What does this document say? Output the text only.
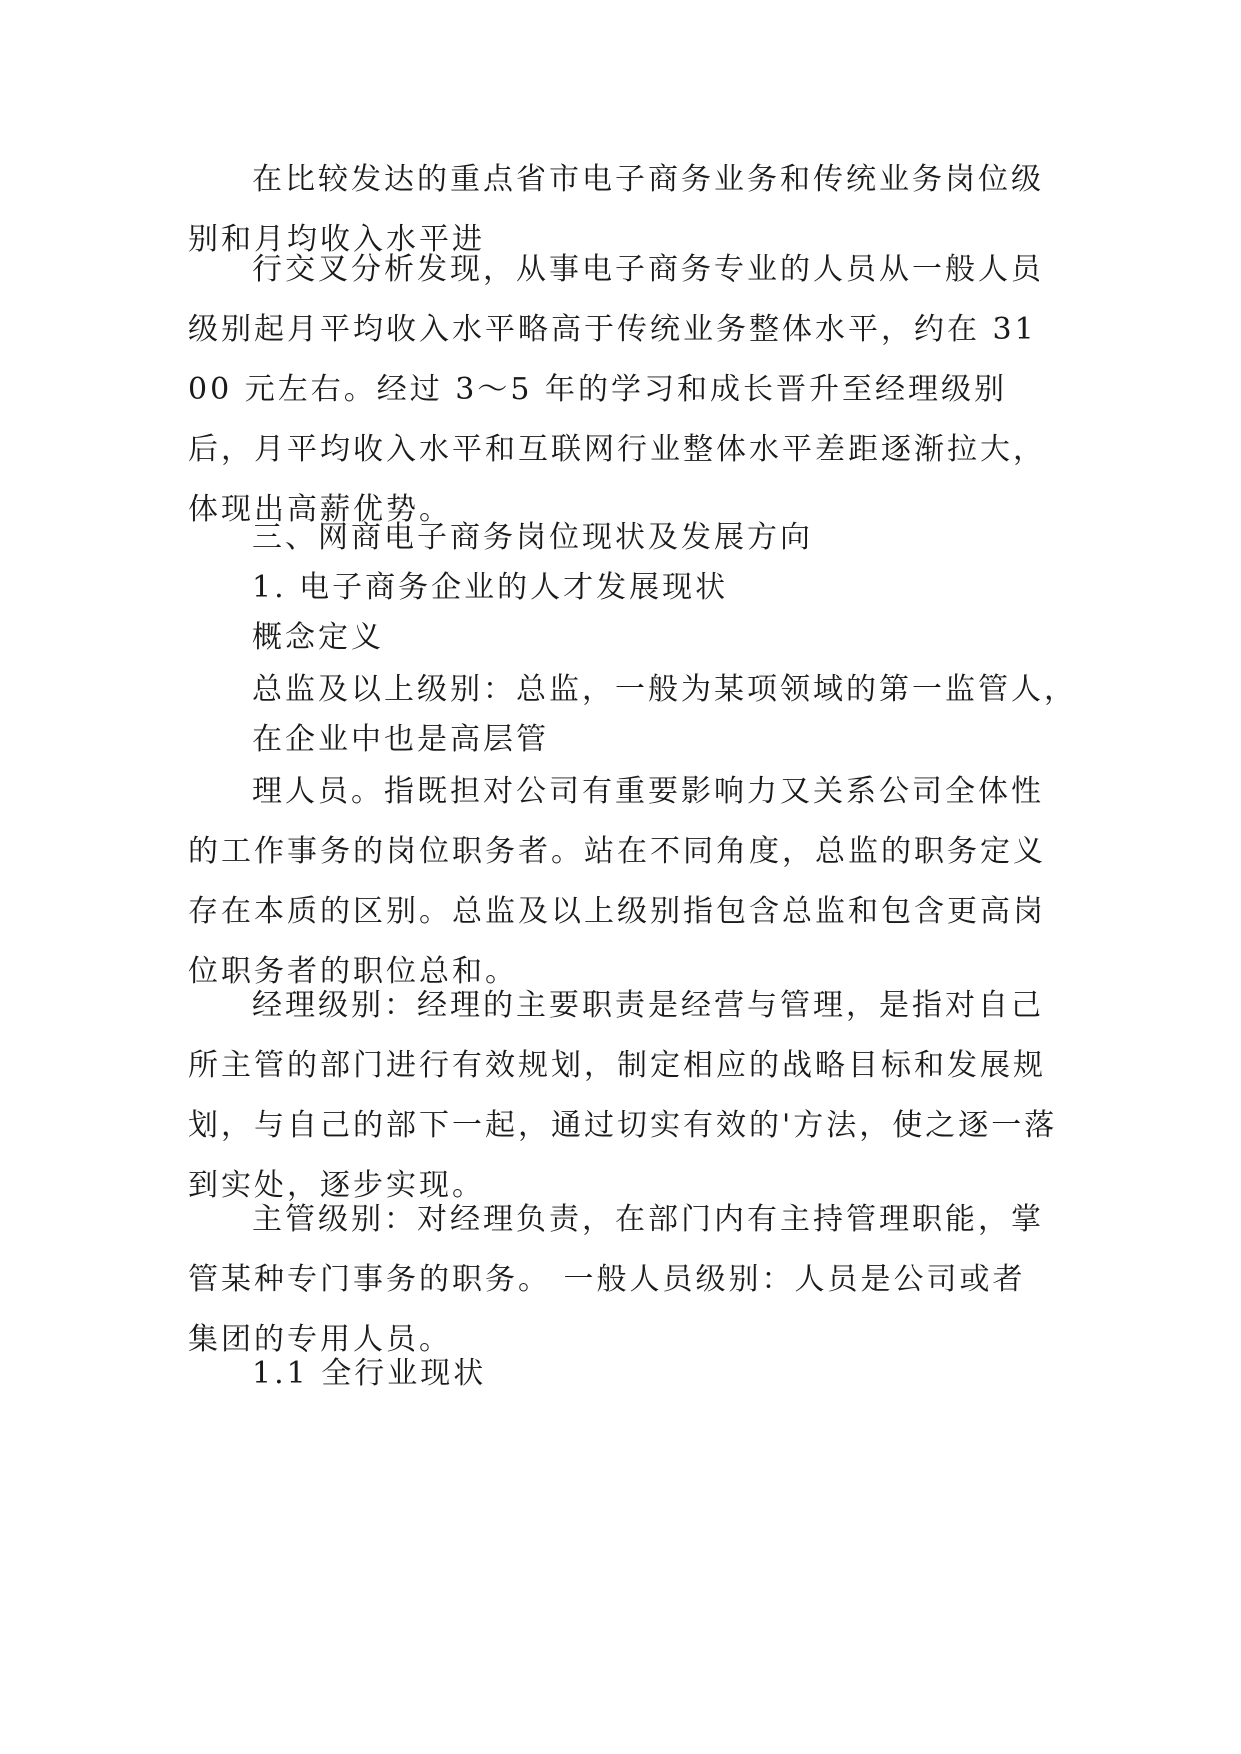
在比较发达的重点省市电子商务业务和传统业务岗位级别和月均收入水平进

行交叉分析发现，从事电子商务专业的人员从一般人员级别起月平均收入水平略高于传统业务整体水平，约在 3100 元左右。经过 3～5 年的学习和成长晋升至经理级别后，月平均收入水平和互联网行业整体水平差距逐渐拉大，体现出高薪优势。

三、网商电子商务岗位现状及发展方向

1. 电子商务企业的人才发展现状

概念定义

总监及以上级别：总监，一般为某项领域的第一监管人，

在企业中也是高层管

理人员。指既担对公司有重要影响力又关系公司全体性的工作事务的岗位职务者。站在不同角度，总监的职务定义存在本质的区别。总监及以上级别指包含总监和包含更高岗位职务者的职位总和。

经理级别：经理的主要职责是经营与管理，是指对自己所主管的部门进行有效规划，制定相应的战略目标和发展规划，与自己的部下一起，通过切实有效的'方法，使之逐一落到实处，逐步实现。

主管级别：对经理负责，在部门内有主持管理职能，掌管某种专门事务的职务。 一般人员级别：人员是公司或者集团的专用人员。

1.1 全行业现状
